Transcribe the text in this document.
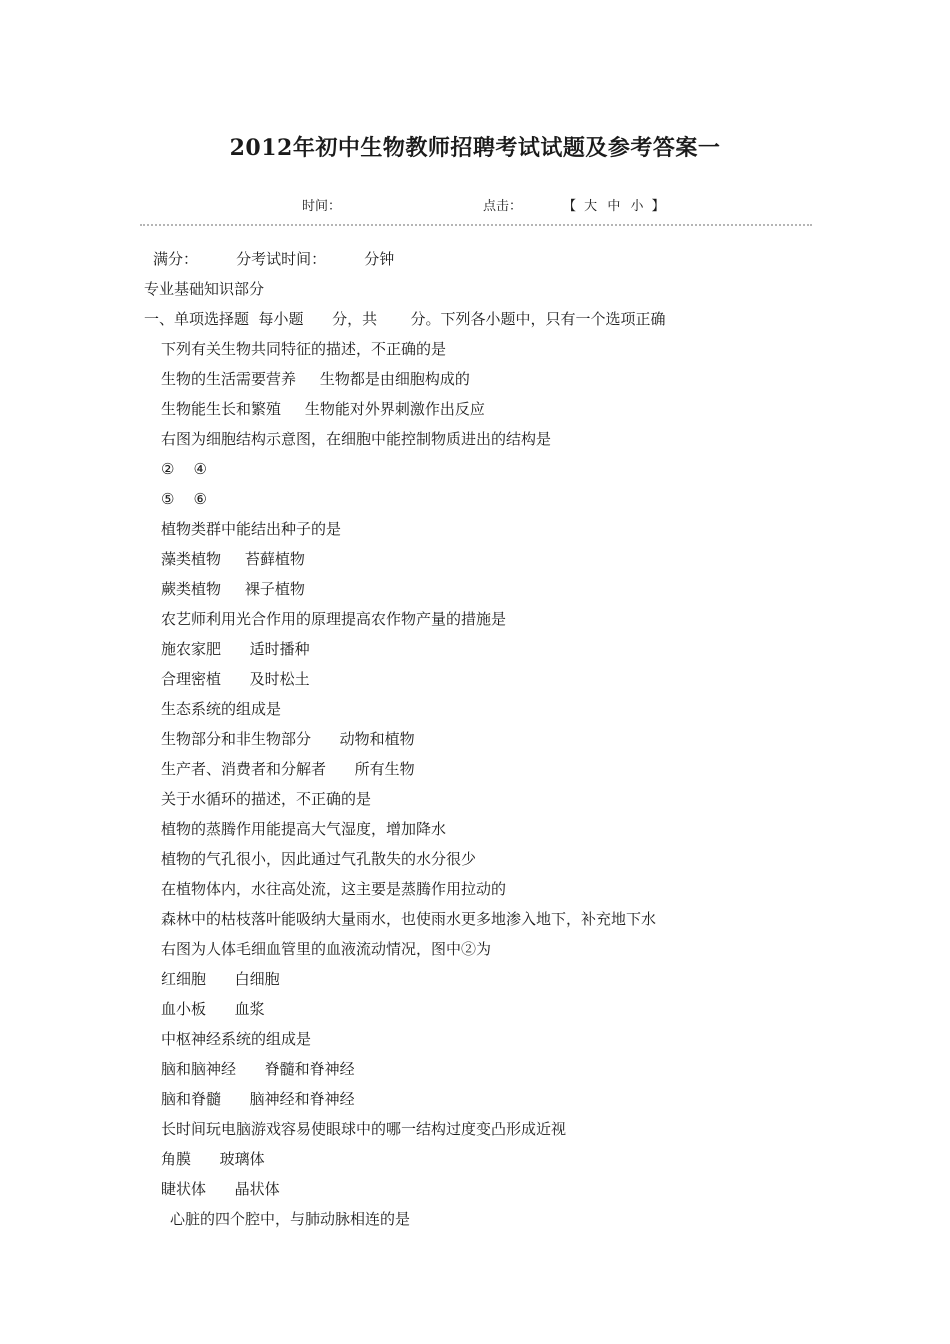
2012年初中生物教师招聘考试试题及参考答案一
时间：	点击：	【 大 中 小 】
满分：        分考试时间：        分钟
专业基础知识部分
一、单项选择题  每小题      分，共       分。下列各小题中，只有一个选项正确
下列有关生物共同特征的描述，不正确的是
生物的生活需要营养     生物都是由细胞构成的
生物能生长和繁殖     生物能对外界刺激作出反应
右图为细胞结构示意图，在细胞中能控制物质进出的结构是
②    ④
⑤    ⑥
植物类群中能结出种子的是
藻类植物     苔藓植物
蕨类植物     裸子植物
农艺师利用光合作用的原理提高农作物产量的措施是
施农家肥      适时播种
合理密植      及时松土
生态系统的组成是
生物部分和非生物部分      动物和植物
生产者、消费者和分解者      所有生物
关于水循环的描述，不正确的是
植物的蒸腾作用能提高大气湿度，增加降水
植物的气孔很小，因此通过气孔散失的水分很少
在植物体内，水往高处流，这主要是蒸腾作用拉动的
森林中的枯枝落叶能吸纳大量雨水，也使雨水更多地渗入地下，补充地下水
右图为人体毛细血管里的血液流动情况，图中②为
红细胞      白细胞
血小板      血浆
中枢神经系统的组成是
脑和脑神经      脊髓和脊神经
脑和脊髓      脑神经和脊神经
长时间玩电脑游戏容易使眼球中的哪一结构过度变凸形成近视
角膜      玻璃体
睫状体      晶状体
心脏的四个腔中，与肺动脉相连的是
